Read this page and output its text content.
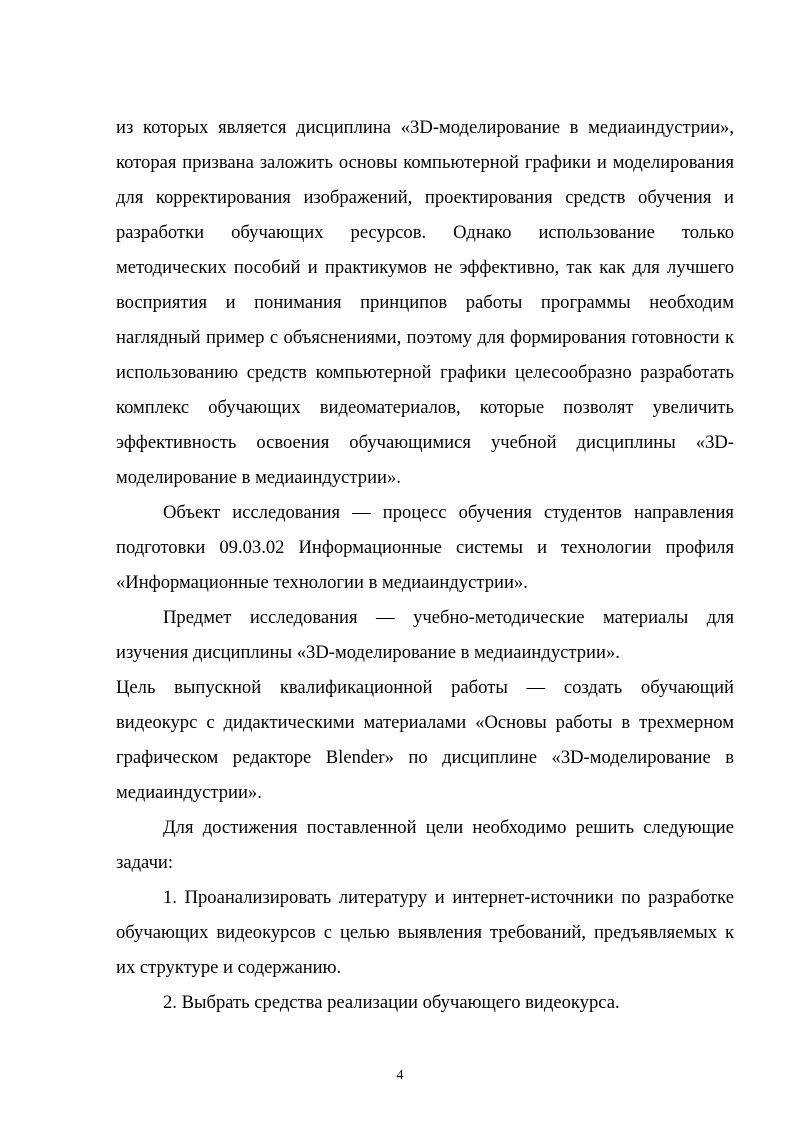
из которых является дисциплина «3D-моделирование в медиаиндустрии», которая призвана заложить основы компьютерной графики и моделирования для корректирования изображений, проектирования средств обучения и разработки обучающих ресурсов. Однако использование только методических пособий и практикумов не эффективно, так как для лучшего восприятия и понимания принципов работы программы необходим наглядный пример с объяснениями, поэтому для формирования готовности к использованию средств компьютерной графики целесообразно разработать комплекс обучающих видеоматериалов, которые позволят увеличить эффективность освоения обучающимися учебной дисциплины «3D-моделирование в медиаиндустрии».

Объект исследования — процесс обучения студентов направления подготовки 09.03.02 Информационные системы и технологии профиля «Информационные технологии в медиаиндустрии».

Предмет исследования — учебно-методические материалы для изучения дисциплины «3D-моделирование в медиаиндустрии».

Цель выпускной квалификационной работы — создать обучающий видеокурс с дидактическими материалами «Основы работы в трехмерном графическом редакторе Blender» по дисциплине «3D-моделирование в медиаиндустрии».

Для достижения поставленной цели необходимо решить следующие задачи:

1. Проанализировать литературу и интернет-источники по разработке обучающих видеокурсов с целью выявления требований, предъявляемых к их структуре и содержанию.

2. Выбрать средства реализации обучающего видеокурса.

4
